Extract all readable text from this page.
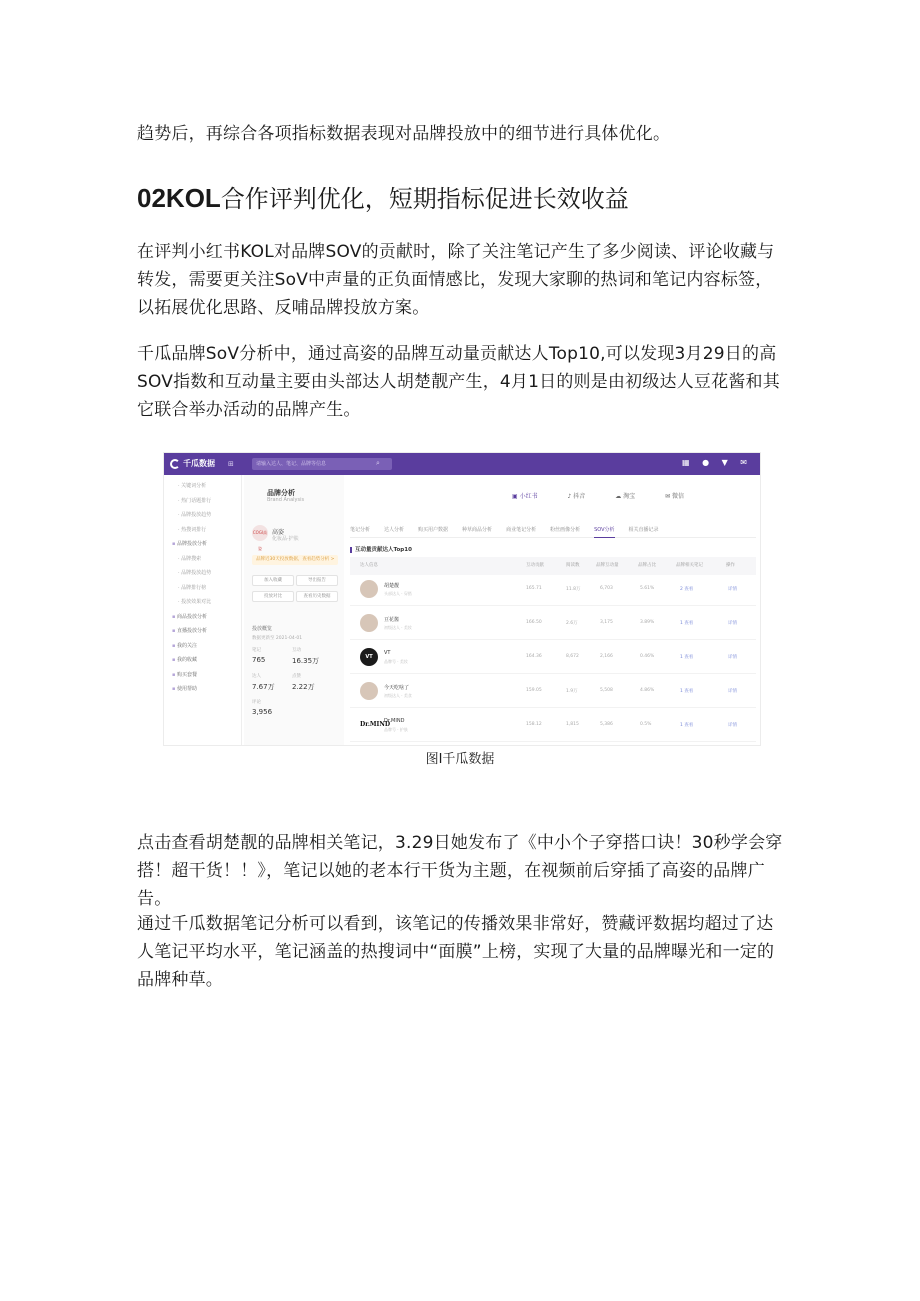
趋势后，再综合各项指标数据表现对品牌投放中的细节进行具体优化。

02KOL合作评判优化，短期指标促进长效收益

在评判小红书KOL对品牌SOV的贡献时，除了关注笔记产生了多少阅读、评论收藏与转发，需要更关注SoV中声量的正负面情感比，发现大家聊的热词和笔记内容标签，以拓展优化思路、反哺品牌投放方案。

千瓜品牌SoV分析中，通过高姿的品牌互动量贡献达人Top10,可以发现3月29日的高SOV指数和互动量主要由头部达人胡楚靓产生，4月1日的则是由初级达人豆花酱和其它联合举办活动的品牌产生。

千瓜数据 ⊞	请输入达人、笔记、品牌等信息	⌕	▦ ● ▼ ✉
· 关键词分析
· 热门话题排行
· 品牌投放趋势
· 热搜词排行
▪ 品牌投放分析
· 品牌搜索
· 品牌投放趋势
· 品牌排行榜
· 投放效果对比
▪ 商品投放分析
▪ 直播投放分析
▪ 我的关注
▪ 我的收藏
▪ 购买套餐
▪ 使用帮助
品牌分析
Brand Analysis
COGI高姿
高姿
化妆品·护肤
品牌近30天投放数据，查看趋势分析 >
加入收藏	导出报告
投放对比	查看历史数据
投放概览
数据更新至 2021-04-01
笔记
765
互动
16.35万
达人
7.67万
点赞
2.22万
评论
3,956
▣ 小红书	♪ 抖音	☁ 淘宝	✉ 微信
笔记分析	达人分析	购买用户数据	种草商品分析	商业笔记分析	粉丝画像分析	SOV分析	相关直播记录
互动量贡献达人Top10
达人信息	互动贡献	阅读数	品牌互动量	品牌占比	品牌相关笔记	操作
胡楚靓
头部达人 · 穿搭
165.71	11.8万	6,703	5.61%	2 查看	详情
豆花酱
初级达人 · 美妆
166.50	2.6万	3,175	3.89%	1 查看	详情
VT
VT
品牌号 · 美妆
164.36	8,672	2,166	0.46%	1 查看	详情
今天吃啥了
初级达人 · 美食
159.05	1.9万	5,508	4.86%	1 查看	详情
Dr.MIND
Dr.MIND
品牌号 · 护肤
158.12	1,815	5,386	0.5%	1 查看	详情

图I千瓜数据

点击查看胡楚靓的品牌相关笔记，3.29日她发布了《中小个子穿搭口诀！30秒学会穿搭！超干货！！》，笔记以她的老本行干货为主题，在视频前后穿插了高姿的品牌广告。

通过千瓜数据笔记分析可以看到，该笔记的传播效果非常好，赞藏评数据均超过了达人笔记平均水平，笔记涵盖的热搜词中“面膜”上榜，实现了大量的品牌曝光和一定的品牌种草。
